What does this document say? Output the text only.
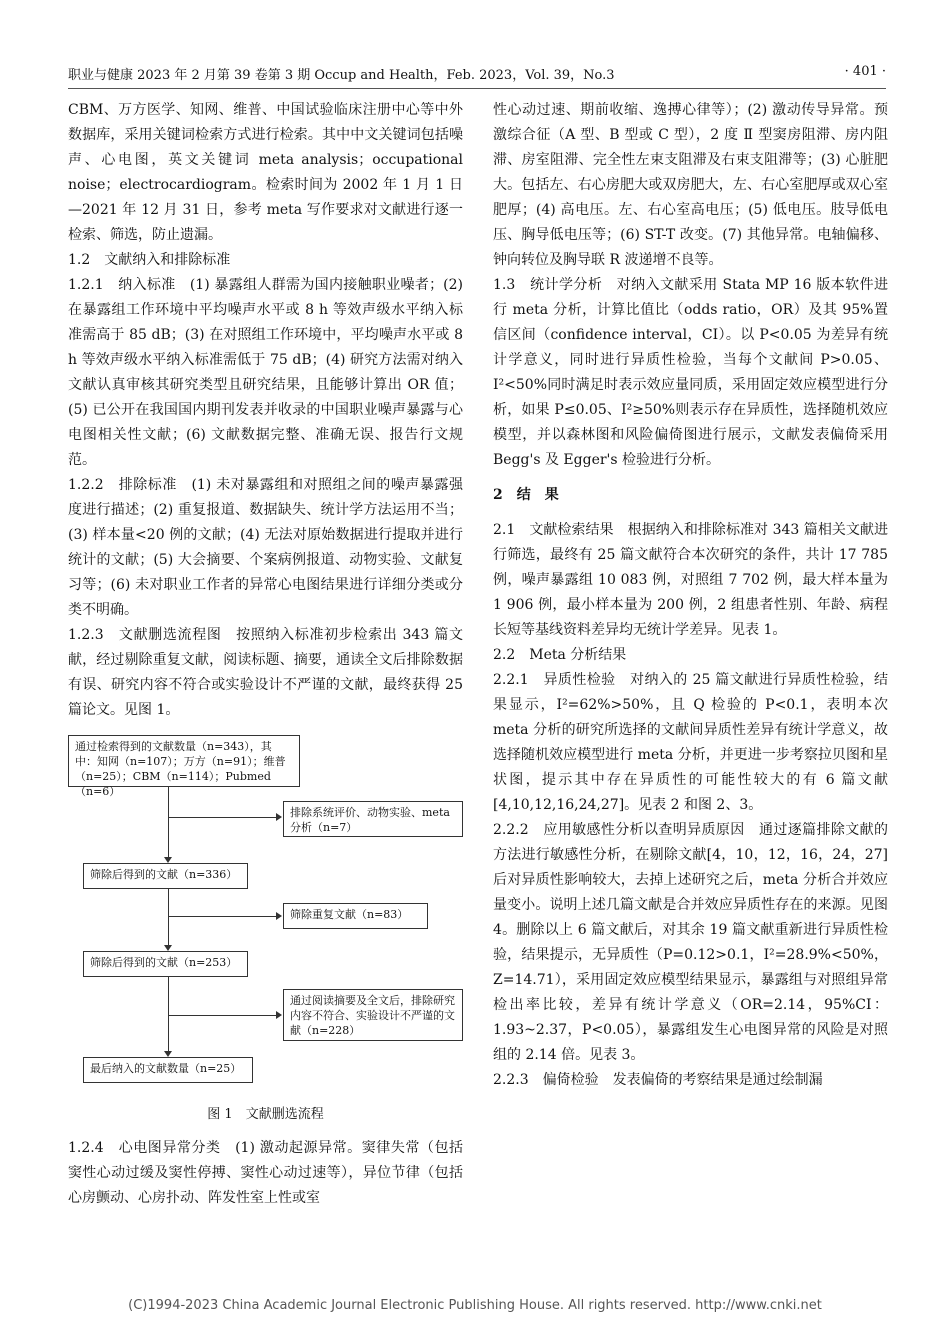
职业与健康 2023 年 2 月第 39 卷第 3 期 Occup and Health，Feb. 2023，Vol. 39，No.3	· 401 ·

CBM、万方医学、知网、维普、中国试验临床注册中心等中外数据库，采用关键词检索方式进行检索。其中中文关键词包括噪声、心电图，英文关键词 meta analysis；occupational noise；electrocardiogram。检索时间为 2002 年 1 月 1 日—2021 年 12 月 31 日，参考 meta 写作要求对文献进行逐一检索、筛选，防止遗漏。

1.2　文献纳入和排除标准

1.2.1　纳入标准　(1) 暴露组人群需为国内接触职业噪者；(2) 在暴露组工作环境中平均噪声水平或 8 h 等效声级水平纳入标准需高于 85 dB；(3) 在对照组工作环境中，平均噪声水平或 8 h 等效声级水平纳入标准需低于 75 dB；(4) 研究方法需对纳入文献认真审核其研究类型且研究结果，且能够计算出 OR 值；(5) 已公开在我国国内期刊发表并收录的中国职业噪声暴露与心电图相关性文献；(6) 文献数据完整、准确无误、报告行文规范。

1.2.2　排除标准　(1) 未对暴露组和对照组之间的噪声暴露强度进行描述；(2) 重复报道、数据缺失、统计学方法运用不当；(3) 样本量<20 例的文献；(4) 无法对原始数据进行提取并进行统计的文献；(5) 大会摘要、个案病例报道、动物实验、文献复习等；(6) 未对职业工作者的异常心电图结果进行详细分类或分类不明确。

1.2.3　文献删选流程图　按照纳入标准初步检索出 343 篇文献，经过剔除重复文献，阅读标题、摘要，通读全文后排除数据有误、研究内容不符合或实验设计不严谨的文献，最终获得 25 篇论文。见图 1。

通过检索得到的文献数量（n=343），其中：知网（n=107）；万方（n=91）；维普（n=25）；CBM（n=114）；Pubmed（n=6）
排除系统评价、动物实验、meta 分析（n=7）
筛除后得到的文献（n=336）
筛除重复文献（n=83）
筛除后得到的文献（n=253）
通过阅读摘要及全文后，排除研究内容不符合、实验设计不严谨的文献（n=228）
最后纳入的文献数量（n=25）

图 1　文献删选流程

1.2.4　心电图异常分类　(1) 激动起源异常。窦律失常（包括窦性心动过缓及窦性停搏、窦性心动过速等），异位节律（包括心房颤动、心房扑动、阵发性室上性或室

性心动过速、期前收缩、逸搏心律等）；(2) 激动传导异常。预激综合征（A 型、B 型或 C 型），2 度 Ⅱ 型窦房阻滞、房内阻滞、房室阻滞、完全性左束支阻滞及右束支阻滞等；(3) 心脏肥大。包括左、右心房肥大或双房肥大，左、右心室肥厚或双心室肥厚；(4) 高电压。左、右心室高电压；(5) 低电压。肢导低电压、胸导低电压等；(6) ST-T 改变。(7) 其他异常。电轴偏移、钟向转位及胸导联 R 波递增不良等。

1.3　统计学分析　对纳入文献采用 Stata MP 16 版本软件进行 meta 分析，计算比值比（odds ratio，OR）及其 95%置信区间（confidence interval，CI）。以 P<0.05 为差异有统计学意义，同时进行异质性检验，当每个文献间 P>0.05、I²<50%同时满足时表示效应量同质，采用固定效应模型进行分析，如果 P≤0.05、I²≥50%则表示存在异质性，选择随机效应模型，并以森林图和风险偏倚图进行展示，文献发表偏倚采用 Begg's 及 Egger's 检验进行分析。

2　结　果

2.1　文献检索结果　根据纳入和排除标准对 343 篇相关文献进行筛选，最终有 25 篇文献符合本次研究的条件，共计 17 785 例，噪声暴露组 10 083 例，对照组 7 702 例，最大样本量为 1 906 例，最小样本量为 200 例，2 组患者性别、年龄、病程长短等基线资料差异均无统计学差异。见表 1。

2.2　Meta 分析结果

2.2.1　异质性检验　对纳入的 25 篇文献进行异质性检验，结果显示，I²=62%>50%，且 Q 检验的 P<0.1，表明本次 meta 分析的研究所选择的文献间异质性差异有统计学意义，故选择随机效应模型进行 meta 分析，并更进一步考察拉贝图和星状图，提示其中存在异质性的可能性较大的有 6 篇文献[4,10,12,16,24,27]。见表 2 和图 2、3。

2.2.2　应用敏感性分析以查明异质原因　通过逐篇排除文献的方法进行敏感性分析，在剔除文献[4，10，12，16，24，27]后对异质性影响较大，去掉上述研究之后，meta 分析合并效应量变小。说明上述几篇文献是合并效应异质性存在的来源。见图 4。删除以上 6 篇文献后，对其余 19 篇文献重新进行异质性检验，结果提示，无异质性（P=0.12>0.1，I²=28.9%<50%，Z=14.71），采用固定效应模型结果显示，暴露组与对照组异常检出率比较，差异有统计学意义（OR=2.14，95%CI：1.93~2.37，P<0.05），暴露组发生心电图异常的风险是对照组的 2.14 倍。见表 3。

2.2.3　偏倚检验　发表偏倚的考察结果是通过绘制漏

(C)1994-2023 China Academic Journal Electronic Publishing House. All rights reserved. http://www.cnki.net
